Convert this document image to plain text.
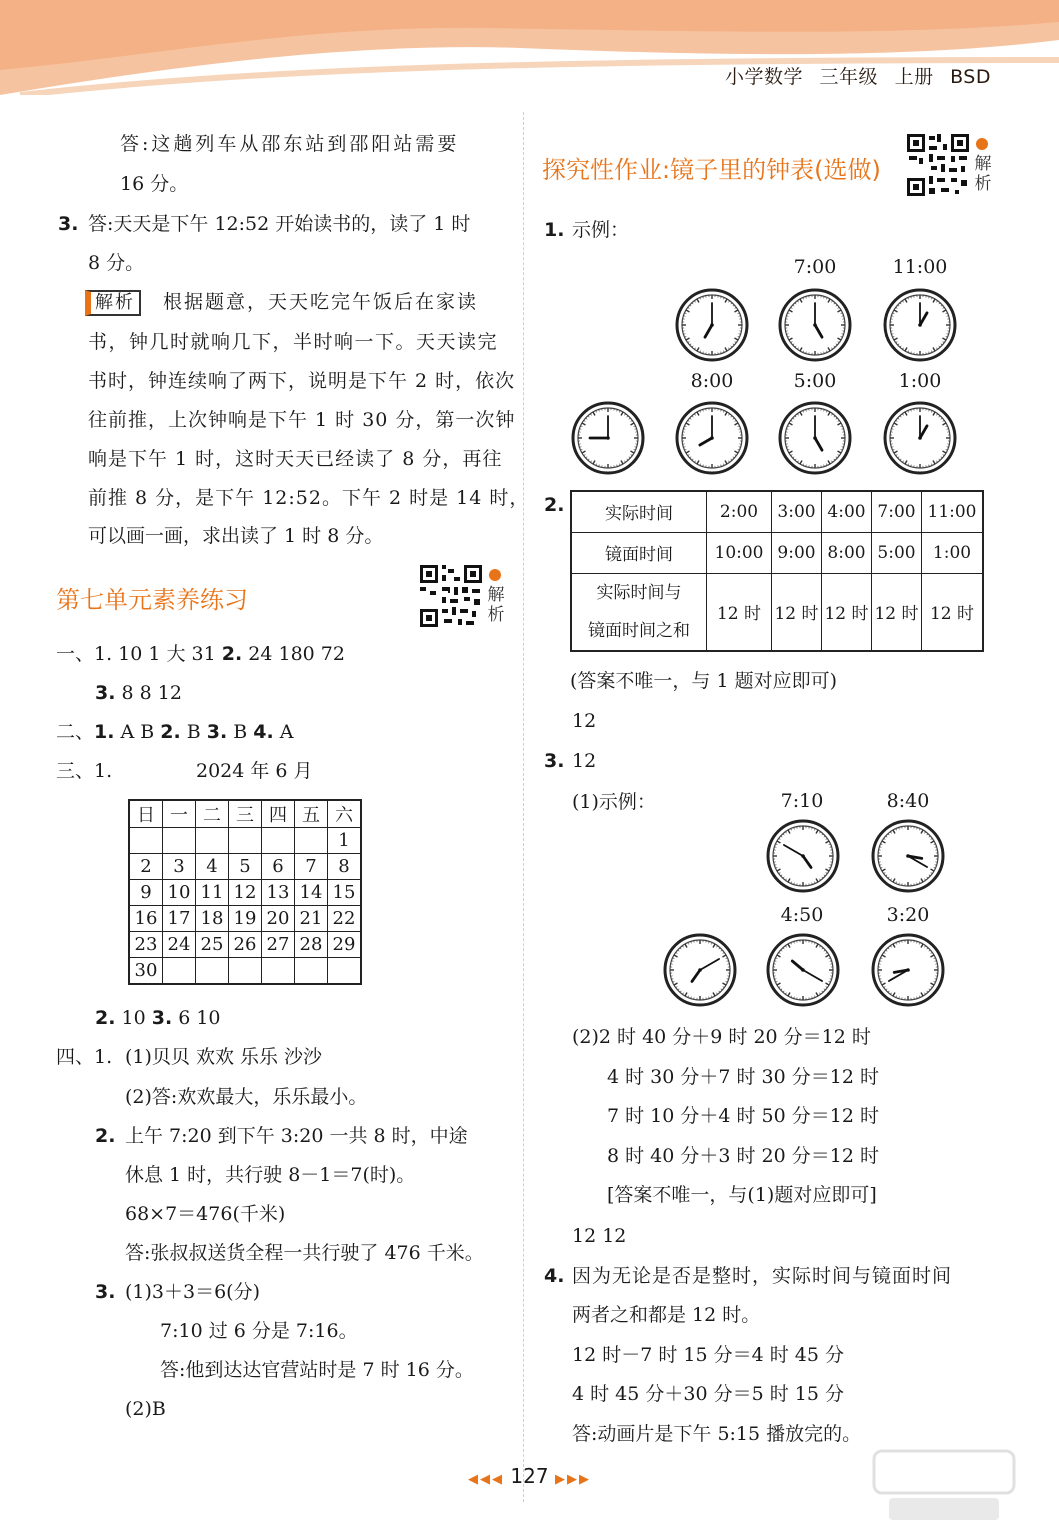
小学数学 三年级 上册 BSD
答:这趟列车从邵东站到邵阳站需要
16 分。
3. 答:天天是下午 12:52 开始读书的，读了 1 时
8 分。
解析 根据题意，天天吃完午饭后在家读
书，钟几时就响几下，半时响一下。天天读完
书时，钟连续响了两下，说明是下午 2 时，依次
往前推，上次钟响是下午 1 时 30 分，第一次钟
响是下午 1 时，这时天天已经读了 8 分，再往
前推 8 分，是下午 12:52。下午 2 时是 14 时，
可以画一画，求出读了 1 时 8 分。
第七单元素养练习	解析
一、1. 10 1 大 31 2. 24 180 72
3. 8 8 12
二、1. A B 2. B 3. B 4. A
三、1.	2024 年 6 月
日	一	二	三	四	五	六
						1
2	3	4	5	6	7	8
9	10	11	12	13	14	15
16	17	18	19	20	21	22
23	24	25	26	27	28	29
30						
2. 10 3. 6 10
四、1. (1)贝贝 欢欢 乐乐 沙沙
(2)答:欢欢最大，乐乐最小。
2. 上午 7:20 到下午 3:20 一共 8 时，中途
休息 1 时，共行驶 8－1＝7(时)。
68×7＝476(千米)
答:张叔叔送货全程一共行驶了 476 千米。
3. (1)3＋3＝6(分)
7:10 过 6 分是 7:16。
答:他到达达官营站时是 7 时 16 分。
(2)B
探究性作业:镜子里的钟表(选做)	解析
1. 示例：
7:00	11:00
8:00	5:00	1:00
2. 实际时间	2:00	3:00	4:00	7:00	11:00
镜面时间	10:00	9:00	8:00	5:00	1:00
实际时间与
镜面时间之和	12 时	12 时	12 时	12 时	12 时
(答案不唯一，与 1 题对应即可)
12
3. 12
(1)示例：	7:10	8:40
4:50	3:20
(2)2 时 40 分＋9 时 20 分＝12 时
4 时 30 分＋7 时 30 分＝12 时
7 时 10 分＋4 时 50 分＝12 时
8 时 40 分＋3 时 20 分＝12 时
[答案不唯一，与(1)题对应即可]
12 12
4. 因为无论是否是整时，实际时间与镜面时间
两者之和都是 12 时。
12 时－7 时 15 分＝4 时 45 分
4 时 45 分＋30 分＝5 时 15 分
答:动画片是下午 5:15 播放完的。
◀◀◀ 127 ▶▶▶
